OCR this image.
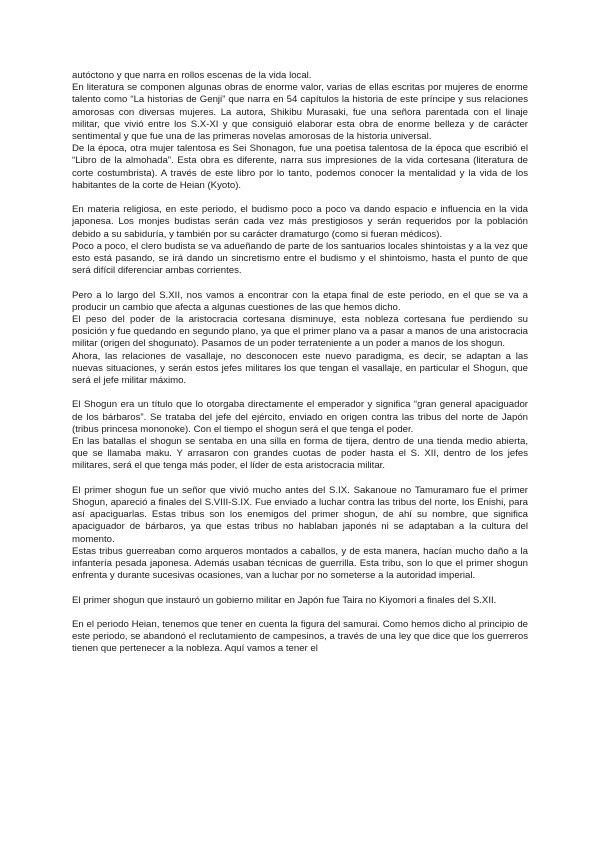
autóctono y que narra en rollos escenas de la vida local.

En literatura se componen algunas obras de enorme valor, varias de ellas escritas por mujeres de enorme talento como “La historias de Genji” que narra en 54 capítulos la historia de este príncipe y sus relaciones amorosas con diversas mujeres. La autora, Shikibu Murasaki, fue una señora parentada con el linaje militar, que vivió entre los S.X-XI y que consiguió elaborar esta obra de enorme belleza y de carácter sentimental y que fue una de las primeras novelas amorosas de la historia universal.

De la época, otra mujer talentosa es Sei Shonagon, fue una poetisa talentosa de la época que escribió el “Libro de la almohada”. Esta obra es diferente, narra sus impresiones de la vida cortesana (literatura de corte costumbrista). A través de este libro por lo tanto, podemos conocer la mentalidad y la vida de los habitantes de la corte de Heian (Kyoto).

En materia religiosa, en este periodo, el budismo poco a poco va dando espacio e influencia en la vida japonesa. Los monjes budistas serán cada vez más prestigiosos y serán requeridos por la población debido a su sabiduría, y también por su carácter dramaturgo (como si fueran médicos).

Poco a poco, el clero budista se va adueñando de parte de los santuarios locales shintoistas y a la vez que esto está pasando, se irá dando un sincretismo entre el budismo y el shintoismo, hasta el punto de que será difícil diferenciar ambas corrientes.

Pero a lo largo del S.XII, nos vamos a encontrar con la etapa final de este periodo, en el que se va a producir un cambio que afecta a algunas cuestiones de las que hemos dicho.

El peso del poder de la aristocracia cortesana disminuye, esta nobleza cortesana fue perdiendo su posición y fue quedando en segundo plano, ya que el primer plano va a pasar a manos de una aristocracia militar (origen del shogunato). Pasamos de un poder terrateniente a un poder a manos de los shogun.

Ahora, las relaciones de vasallaje, no desconocen este nuevo paradigma, es decir, se adaptan a las nuevas situaciones, y serán estos jefes militares los que tengan el vasallaje, en particular el Shogun, que será el jefe militar máximo.

El Shogun era un título que lo otorgaba directamente el emperador y significa “gran general apaciguador de los bárbaros”. Se trataba del jefe del ejército, enviado en origen contra las tribus del norte de Japón (tribus princesa mononoke). Con el tiempo el shogun será el que tenga el poder.

En las batallas el shogun se sentaba en una silla en forma de tijera, dentro de una tienda medio abierta, que se llamaba maku. Y arrasaron con grandes cuotas de poder hasta el S. XII, dentro de los jefes militares, será el que tenga más poder, el líder de esta aristocracia militar.

El primer shogun fue un señor que vivió mucho antes del S.IX. Sakanoue no Tamuramaro fue el primer Shogun, apareció a finales del S.VIII-S.IX. Fue enviado a luchar contra las tribus del norte, los Enishi, para así apaciguarlas. Estas tribus son los enemigos del primer shogun, de ahí su nombre, que significa apaciguador de bárbaros, ya que estas tribus no hablaban japonés ni se adaptaban a la cultura del momento.

Estas tribus guerreaban como arqueros montados a caballos, y de esta manera, hacían mucho daño a la infantería pesada japonesa. Además usaban técnicas de guerrilla. Esta tribu, son lo que el primer shogun enfrenta y durante sucesivas ocasiones, van a luchar por no someterse a la autoridad imperial.

El primer shogun que instauró un gobierno militar en Japón fue Taira no Kiyomori a finales del S.XII.

En el periodo Heian, tenemos que tener en cuenta la figura del samurai. Como hemos dicho al principio de este periodo, se abandonó el reclutamiento de campesinos, a través de una ley que dice que los guerreros tienen que pertenecer a la nobleza. Aquí vamos a tener el
